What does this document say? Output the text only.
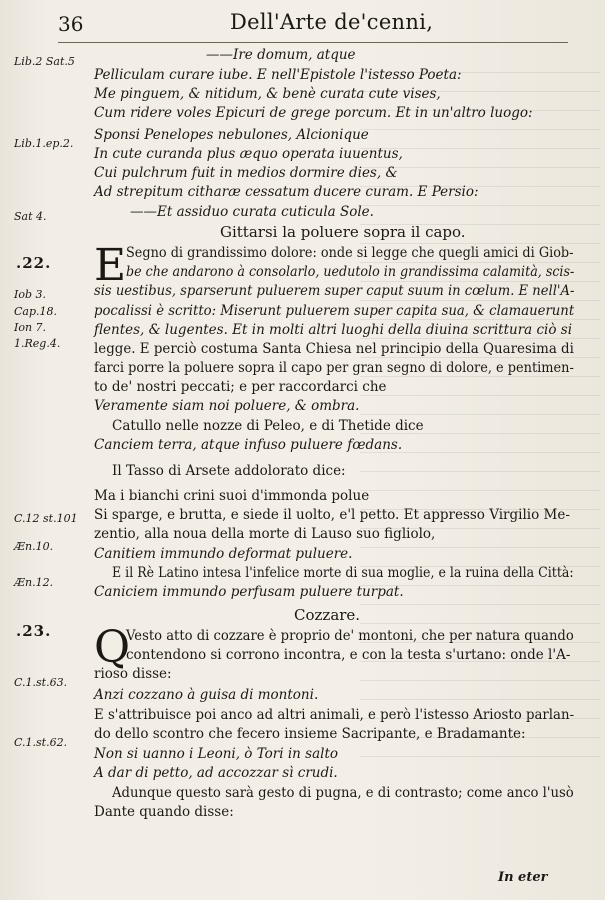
36	Dell'Arte de'cenni,
Lib.2 Sat.5
Lib.1.ep.2.
Sat 4.
.22.
Iob 3.
Cap.18.
Ion 7.
1.Reg.4.
C.12 st.101
Æn.10.
Æn.12.
.23.
C.1.st.63.
C.1.st.62.
——Ire domum, atque
Pelliculam curare iube. E nell'Epistole l'istesso Poeta:
Me pinguem, & nitidum, & benè curata cute vises,
Cum ridere voles Epicuri de grege porcum. Et in un'altro luogo:
Sponsi Penelopes nebulones, Alcionique
In cute curanda plus æquo operata iuuentus,
Cui pulchrum fuit in medios dormire dies, &
Ad strepitum citharæ cessatum ducere curam. E Persio:
——Et assiduo curata cuticula Sole.
Gittarsi la poluere sopra il capo.
E Segno di grandissimo dolore: onde si legge che quegli amici di Giob-
be che andarono à consolarlo, uedutolo in grandissima calamità, scis-
sis uestibus, sparserunt puluerem super caput suum in cœlum. E nell'A-
pocalissi è scritto: Miserunt puluerem super capita sua, & clamauerunt
flentes, & lugentes. Et in molti altri luoghi della diuina scrittura ciò si
legge. E perciò costuma Santa Chiesa nel principio della Quaresima di
farci porre la poluere sopra il capo per gran segno di dolore, e pentimen-
to de' nostri peccati; e per raccordarci che
Veramente siam noi poluere, & ombra.
Catullo nelle nozze di Peleo, e di Thetide dice
Canciem terra, atque infuso puluere fœdans.
Il Tasso di Arsete addolorato dice:
Ma i bianchi crini suoi d'immonda polue
Si sparge, e brutta, e siede il uolto, e'l petto. Et appresso Virgilio Me-
zentio, alla noua della morte di Lauso suo figliolo,
Canitiem immundo deformat puluere.
E il Rè Latino intesa l'infelice morte di sua moglie, e la ruina della Città:
Caniciem immundo perfusam puluere turpat.
Cozzare.
Q
Vesto atto di cozzare è proprio de' montoni, che per natura quando
contendono si corrono incontra, e con la testa s'urtano: onde l'A-
rioso disse:
Anzi cozzano à guisa di montoni.
E s'attribuisce poi anco ad altri animali, e però l'istesso Ariosto parlan-
do dello scontro che fecero insieme Sacripante, e Bradamante:
Non si uanno i Leoni, ò Tori in salto
A dar di petto, ad accozzar sì crudi.
Adunque questo sarà gesto di pugna, e di contrasto; come anco l'usò
Dante quando disse:
In eter
